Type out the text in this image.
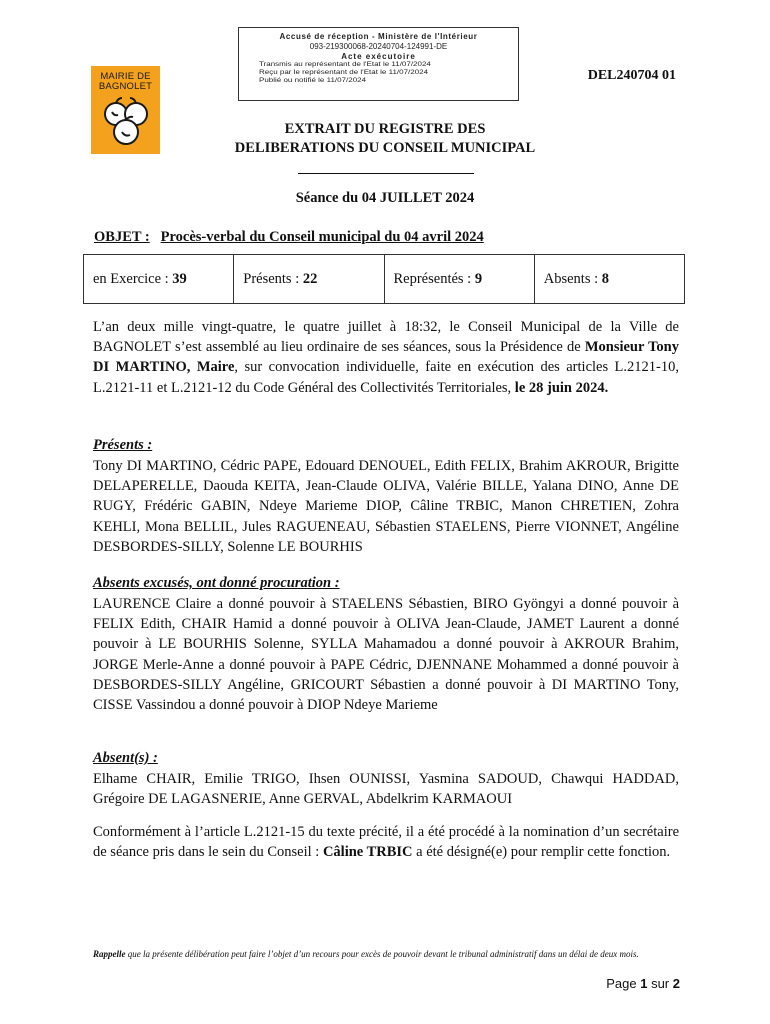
Accusé de réception - Ministère de l'Intérieur
093-219300068-20240704-124991-DE
Acte exécutoire
Transmis au représentant de l'Etat le 11/07/2024
Reçu par le représentant de l'Etat le 11/07/2024
Publié ou notifié le 11/07/2024
MAIRIE DE
BAGNOLET
DEL240704 01
EXTRAIT DU REGISTRE DES
DELIBERATIONS DU CONSEIL MUNICIPAL
Séance du 04 JUILLET 2024
OBJET : Procès-verbal du Conseil municipal du 04 avril 2024
en Exercice : 39	Présents : 22	Représentés : 9	Absents : 8
L’an deux mille vingt-quatre, le quatre juillet à 18:32, le Conseil Municipal de la Ville de BAGNOLET s’est assemblé au lieu ordinaire de ses séances, sous la Présidence de Monsieur Tony DI MARTINO, Maire, sur convocation individuelle, faite en exécution des articles L.2121-10, L.2121-11 et L.2121-12 du Code Général des Collectivités Territoriales, le 28 juin 2024.
Présents :
Tony DI MARTINO, Cédric PAPE, Edouard DENOUEL, Edith FELIX, Brahim AKROUR, Brigitte DELAPERELLE, Daouda KEITA, Jean-Claude OLIVA, Valérie BILLE, Yalana DINO, Anne DE RUGY, Frédéric GABIN, Ndeye Marieme DIOP, Câline TRBIC, Manon CHRETIEN, Zohra KEHLI, Mona BELLIL, Jules RAGUENEAU, Sébastien STAELENS, Pierre VIONNET, Angéline DESBORDES-SILLY, Solenne LE BOURHIS
Absents excusés, ont donné procuration :
LAURENCE Claire a donné pouvoir à STAELENS Sébastien, BIRO Gyöngyi a donné pouvoir à FELIX Edith, CHAIR Hamid a donné pouvoir à OLIVA Jean-Claude, JAMET Laurent a donné pouvoir à LE BOURHIS Solenne, SYLLA Mahamadou a donné pouvoir à AKROUR Brahim, JORGE Merle-Anne a donné pouvoir à PAPE Cédric, DJENNANE Mohammed a donné pouvoir à DESBORDES-SILLY Angéline, GRICOURT Sébastien a donné pouvoir à DI MARTINO Tony, CISSE Vassindou a donné pouvoir à DIOP Ndeye Marieme
Absent(s) :
Elhame CHAIR, Emilie TRIGO, Ihsen OUNISSI, Yasmina SADOUD, Chawqui HADDAD, Grégoire DE LAGASNERIE, Anne GERVAL, Abdelkrim KARMAOUI
Conformément à l’article L.2121-15 du texte précité, il a été procédé à la nomination d’un secrétaire de séance pris dans le sein du Conseil : Câline TRBIC a été désigné(e) pour remplir cette fonction.
Rappelle que la présente délibération peut faire l’objet d’un recours pour excès de pouvoir devant le tribunal administratif dans un délai de deux mois.
Page 1 sur 2
